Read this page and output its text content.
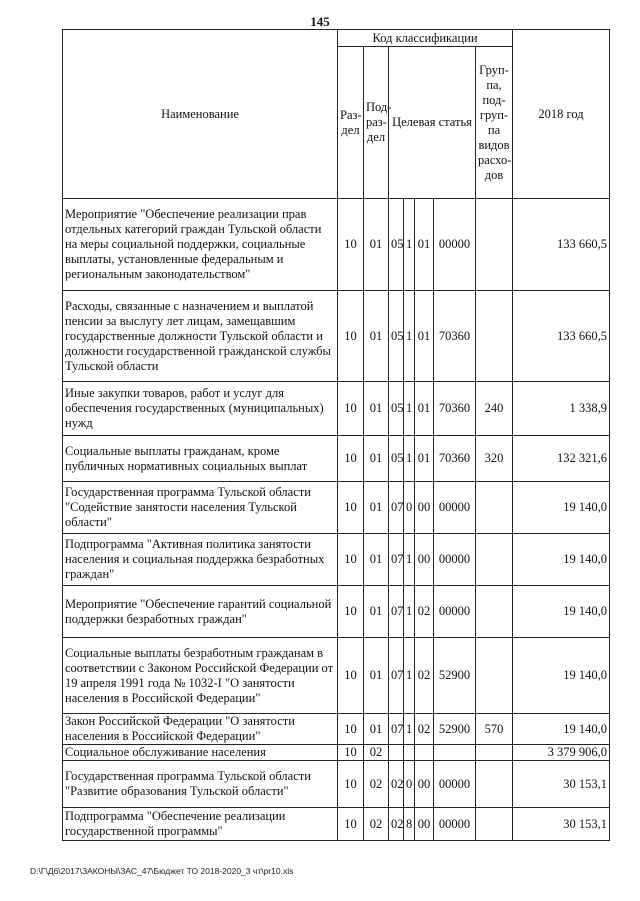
145
Наименование	Код классификации							2018 год
	Раз-дел	Под-раз-дел	Целевая статья				Груп-па, под-груп-па видов расхо-дов	
Мероприятие "Обеспечение реализации прав отдельных категорий граждан Тульской области на меры социальной поддержки, социальные выплаты, установленные федеральным и региональным законодательством"	10	01	05	1	01	00000		133 660,5
Расходы, связанные с назначением и выплатой пенсии за выслугу лет лицам, замещавшим государственные должности Тульской области и должности государственной гражданской службы Тульской области	10	01	05	1	01	70360		133 660,5
Иные закупки товаров, работ и услуг для обеспечения государственных (муниципальных) нужд	10	01	05	1	01	70360	240	1 338,9
Социальные выплаты гражданам, кроме публичных нормативных социальных выплат	10	01	05	1	01	70360	320	132 321,6
Государственная программа Тульской области "Содействие занятости населения Тульской области"	10	01	07	0	00	00000		19 140,0
Подпрограмма "Активная политика занятости населения и социальная поддержка безработных граждан"	10	01	07	1	00	00000		19 140,0
Мероприятие "Обеспечение гарантий социальной поддержки безработных граждан"	10	01	07	1	02	00000		19 140,0
Социальные выплаты безработным гражданам в соответствии с Законом Российской Федерации от 19 апреля 1991 года № 1032-I "О занятости населения в Российской Федерации"	10	01	07	1	02	52900		19 140,0
Закон Российской Федерации "О занятости населения в Российской Федерации"	10	01	07	1	02	52900	570	19 140,0
Социальное обслуживание населения	10	02						3 379 906,0
Государственная программа Тульской области "Развитие образования Тульской области"	10	02	02	0	00	00000		30 153,1
Подпрограмма "Обеспечение реализации государственной программы"	10	02	02	8	00	00000		30 153,1
D:\Г\Д6\2017\ЗАКОНЫ\ЗАС_47\Бюджет ТО 2018-2020_3 чт\pr10.xls
